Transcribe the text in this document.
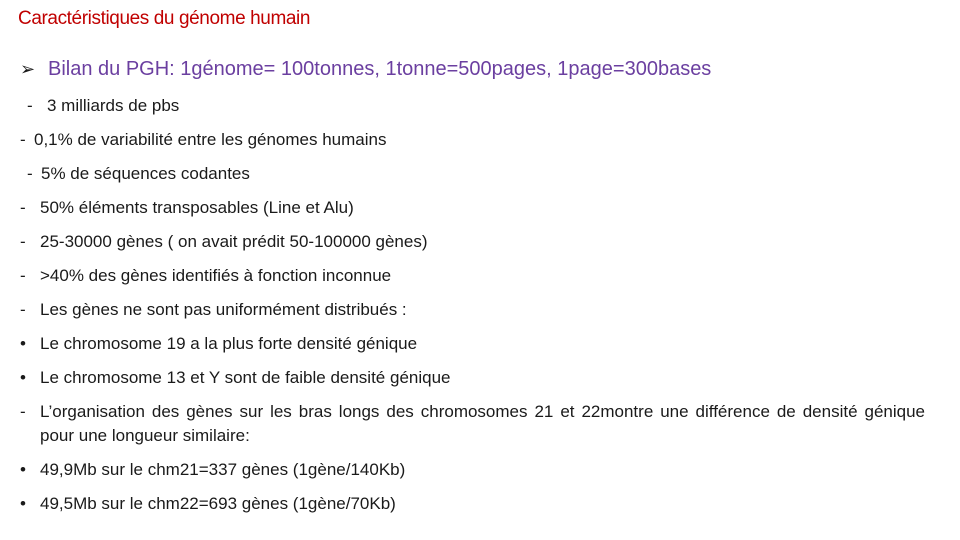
Caractéristiques du génome humain
➢ Bilan du PGH: 1génome= 100tonnes, 1tonne=500pages, 1page=300bases
- 3 milliards de pbs
- 0,1% de variabilité entre les génomes humains
- 5% de séquences codantes
- 50% éléments transposables (Line et Alu)
- 25-30000 gènes ( on avait prédit 50-100000 gènes)
- >40% des gènes identifiés à fonction inconnue
- Les gènes ne sont pas uniformément distribués :
• Le chromosome 19 a la plus forte densité génique
• Le chromosome 13 et Y sont de faible densité génique
- L’organisation des gènes sur les bras longs des chromosomes 21 et 22montre une différence de densité génique pour une longueur similaire:
• 49,9Mb sur le chm21=337 gènes (1gène/140Kb)
• 49,5Mb sur le chm22=693 gènes (1gène/70Kb)
